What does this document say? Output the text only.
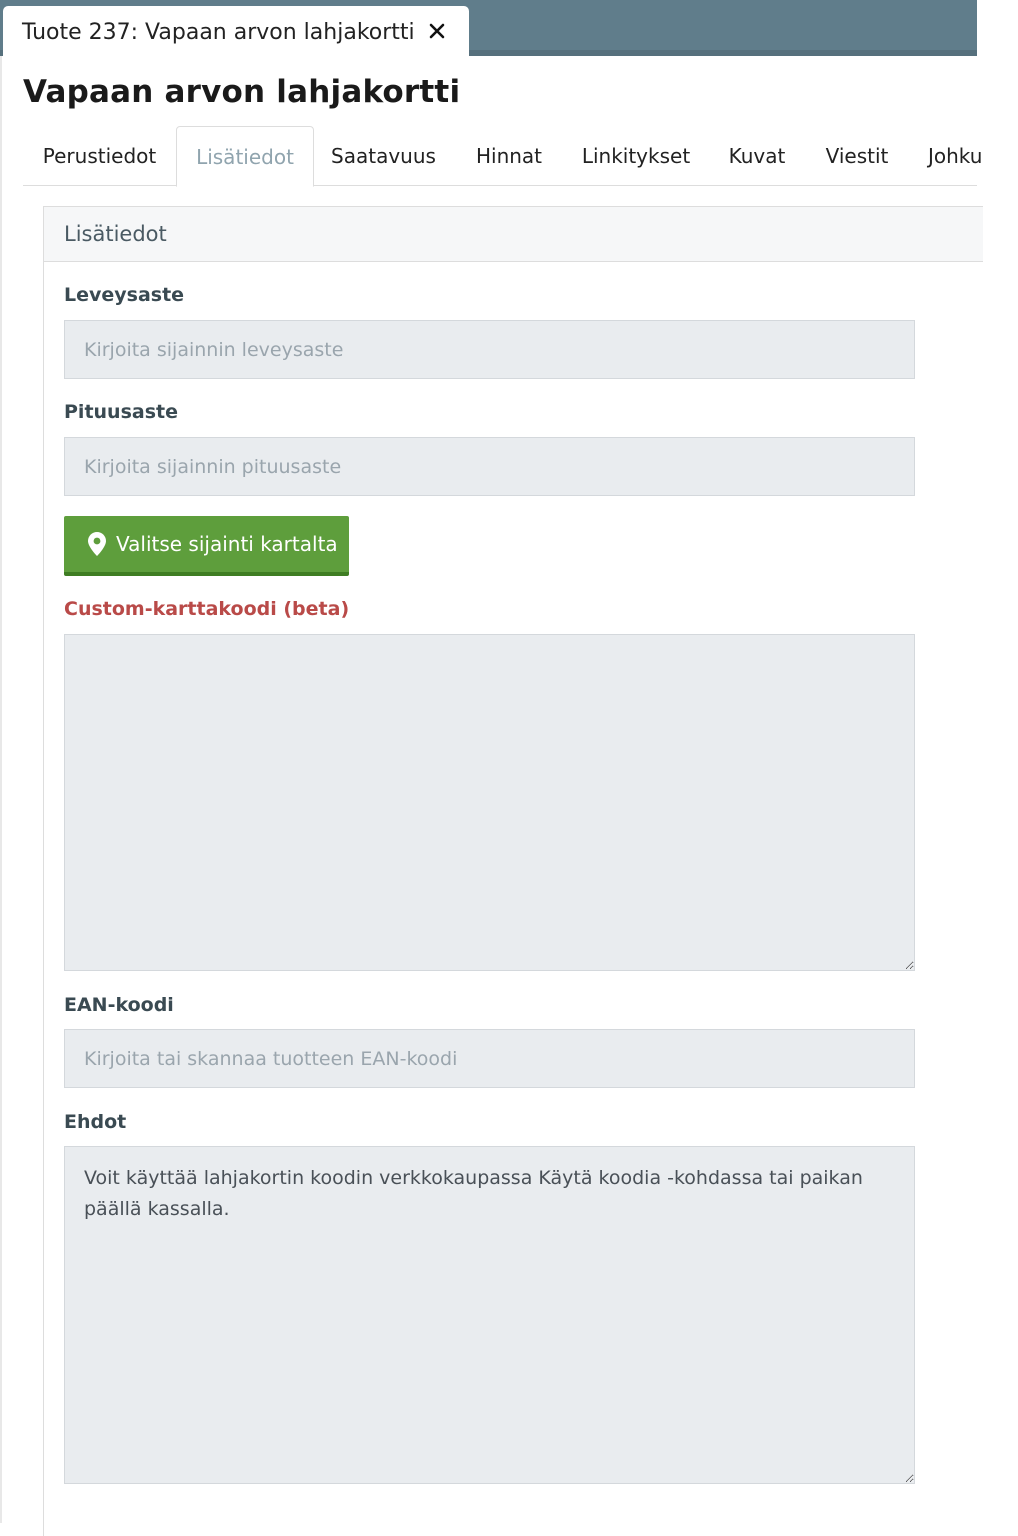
Tuote 237: Vapaan arvon lahjakortti
Vapaan arvon lahjakortti
Perustiedot	Lisätiedot	Saatavuus	Hinnat	Linkitykset	Kuvat	Viestit	Johku
Lisätiedot
Leveysaste
Kirjoita sijainnin leveysaste
Pituusaste
Kirjoita sijainnin pituusaste
Valitse sijainti kartalta
Custom-karttakoodi (beta)
EAN-koodi
Kirjoita tai skannaa tuotteen EAN-koodi
Ehdot
Voit käyttää lahjakortin koodin verkkokaupassa Käytä koodia -kohdassa tai paikan päällä kassalla.
